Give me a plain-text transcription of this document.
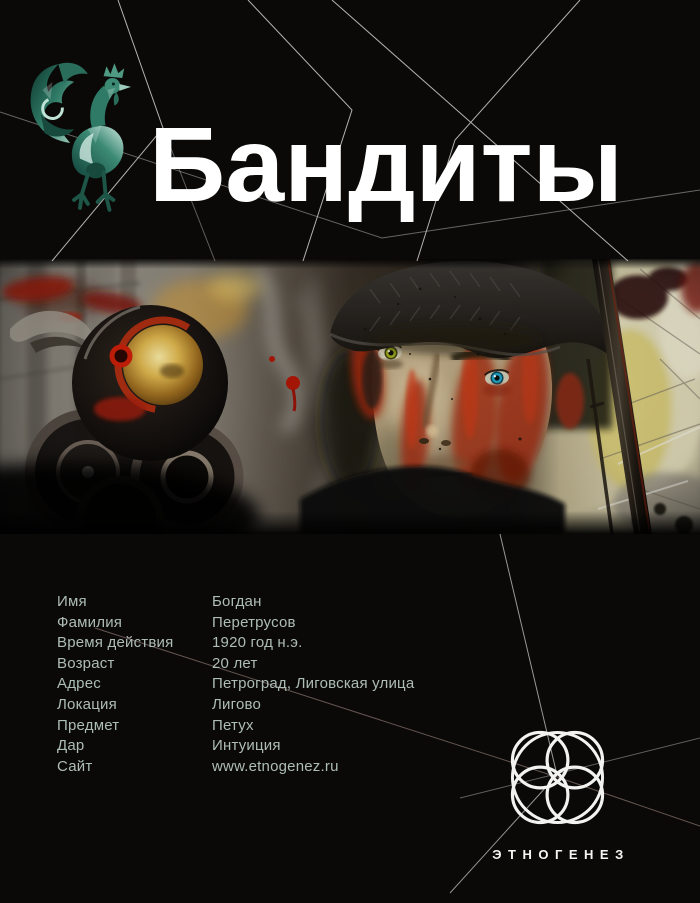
Бандиты
Имя	Богдан
Фамилия	Перетрусов
Время действия	1920 год н.э.
Возраст	20 лет
Адрес	Петроград, Лиговская улица
Локация	Лигово
Предмет	Петух
Дар	Интуиция
Сайт	www.etnogenez.ru
ЭТНОГЕНЕЗ
